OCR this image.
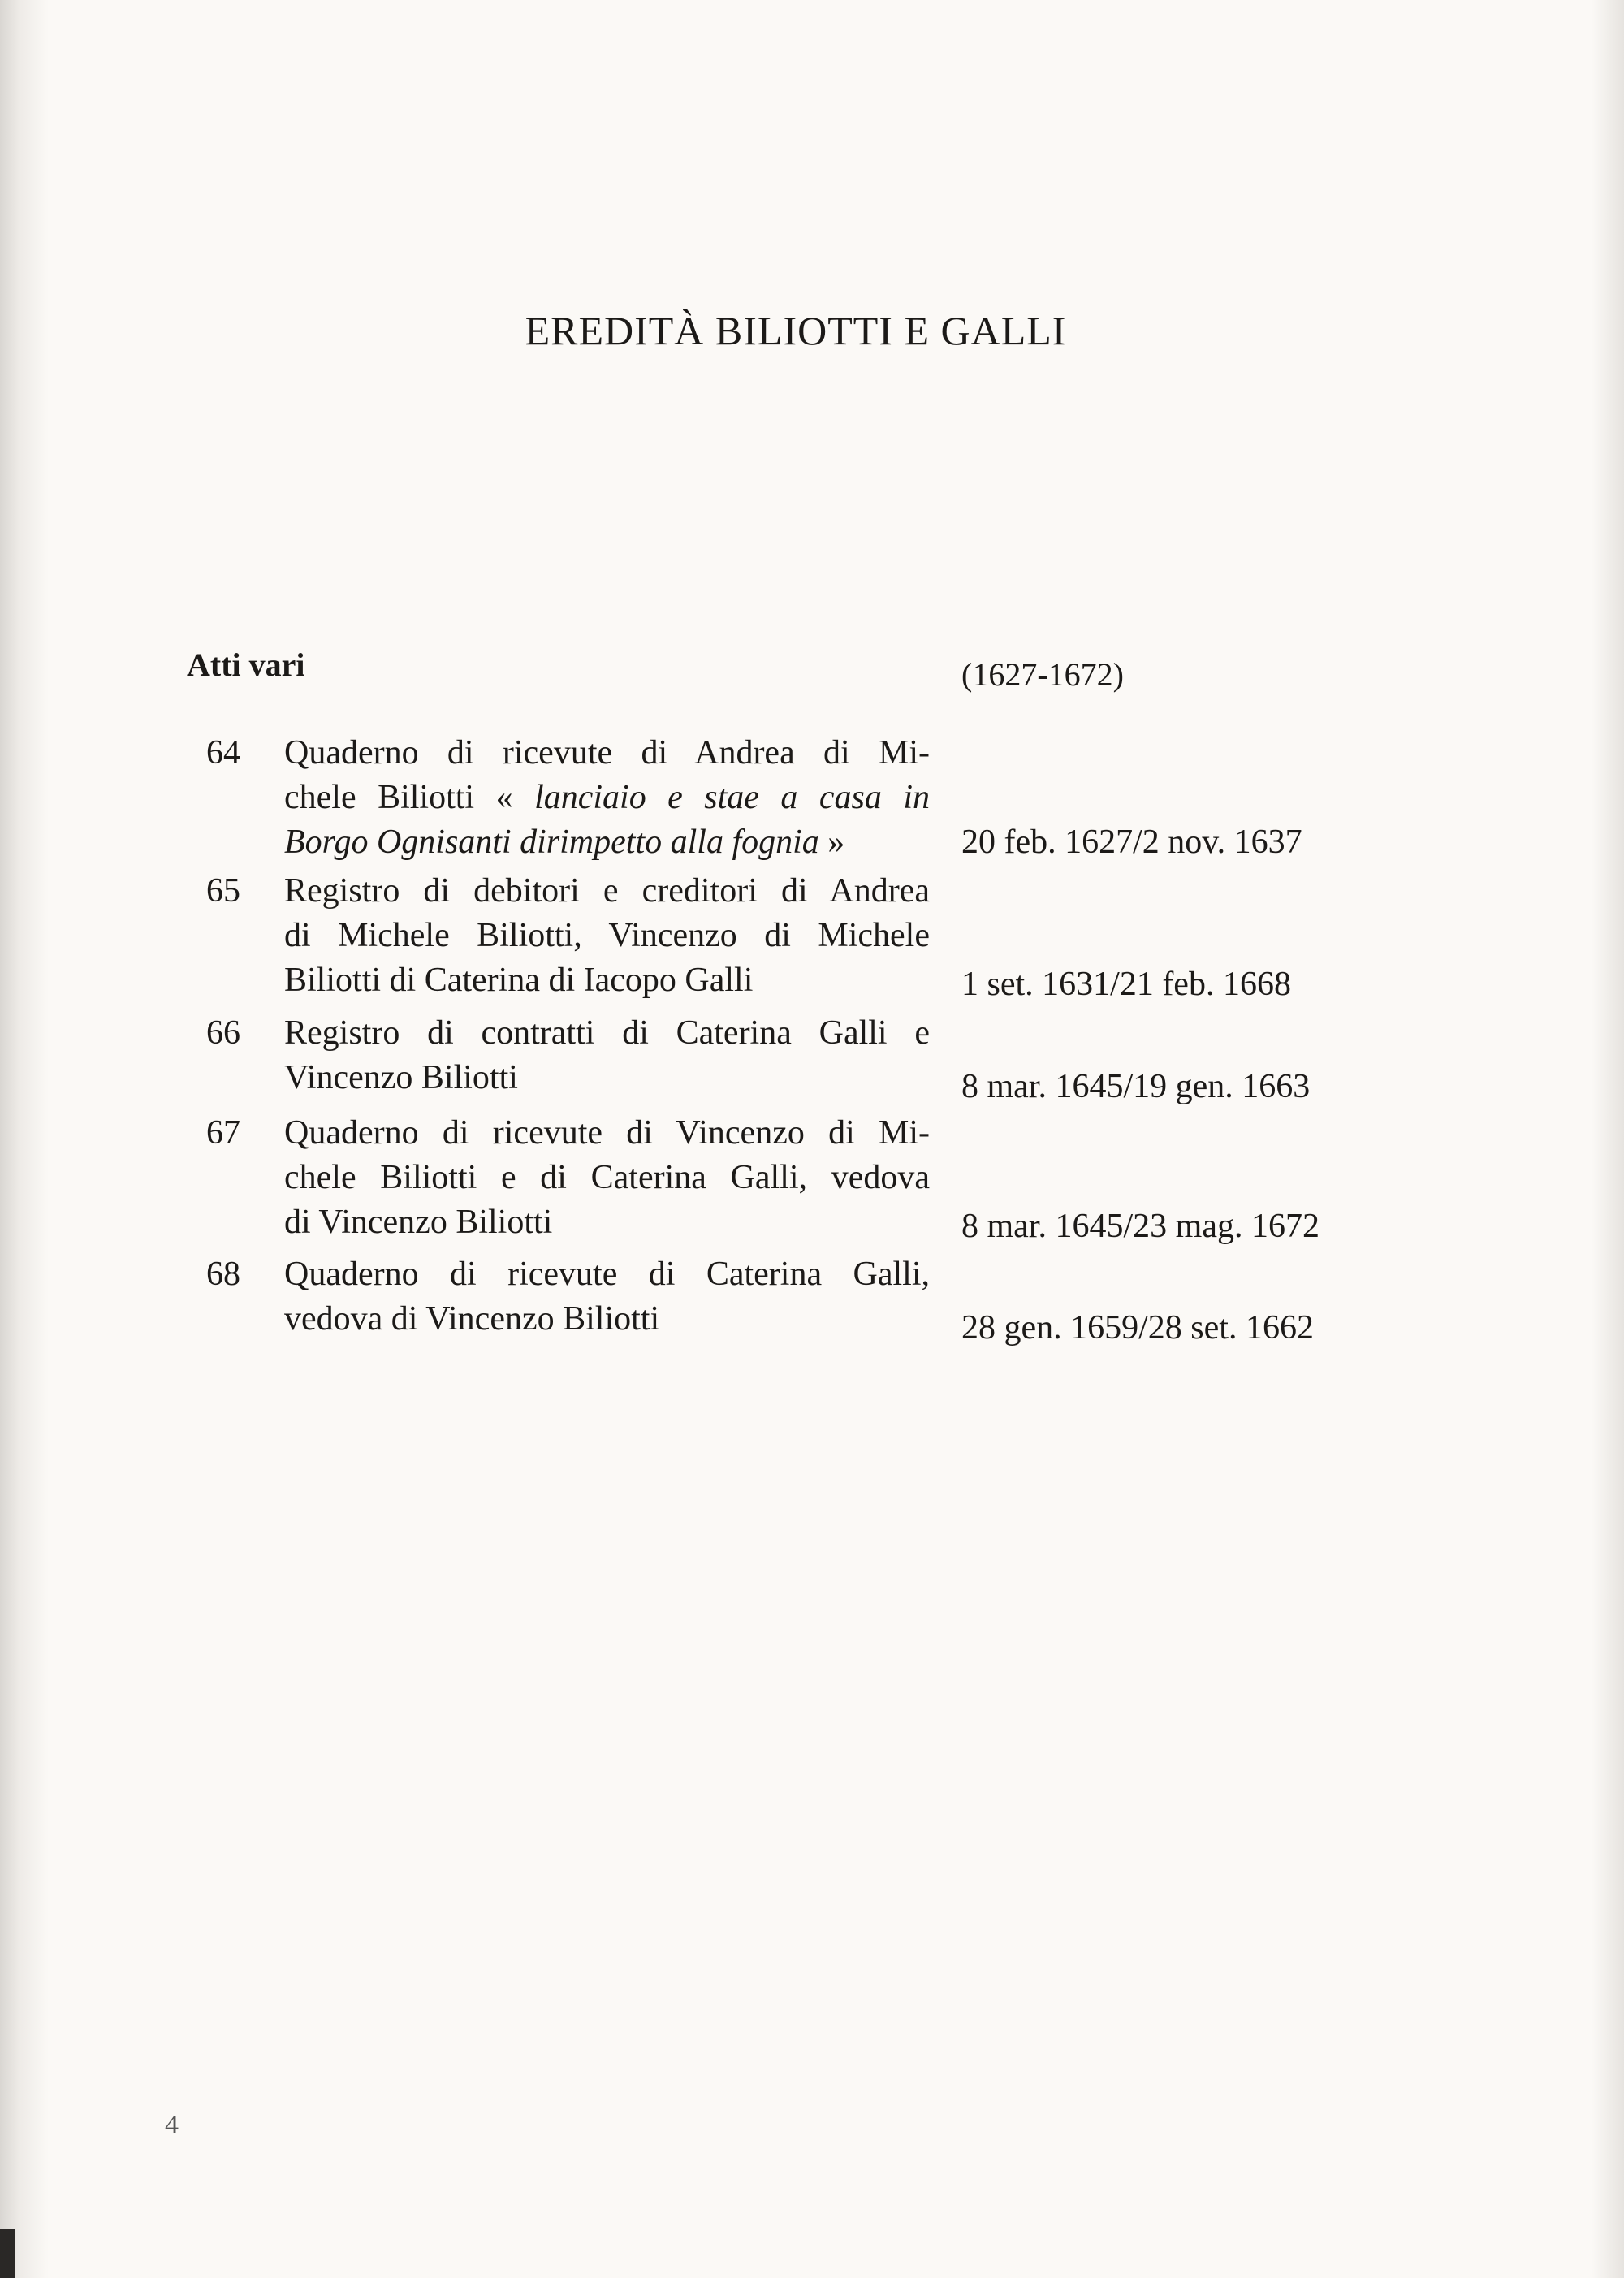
EREDITÀ BILIOTTI E GALLI
Atti vari	(1627-1672)
64	Quaderno di ricevute di Andrea di Mi-
chele Biliotti « lanciaio e stae a casa in
Borgo Ognisanti dirimpetto alla fognia »	20 feb. 1627/2 nov. 1637
65	Registro di debitori e creditori di Andrea
di Michele Biliotti, Vincenzo di Michele
Biliotti di Caterina di Iacopo Galli	1 set. 1631/21 feb. 1668
66	Registro di contratti di Caterina Galli e
Vincenzo Biliotti	8 mar. 1645/19 gen. 1663
67	Quaderno di ricevute di Vincenzo di Mi-
chele Biliotti e di Caterina Galli, vedova
di Vincenzo Biliotti	8 mar. 1645/23 mag. 1672
68	Quaderno di ricevute di Caterina Galli,
vedova di Vincenzo Biliotti	28 gen. 1659/28 set. 1662
4
